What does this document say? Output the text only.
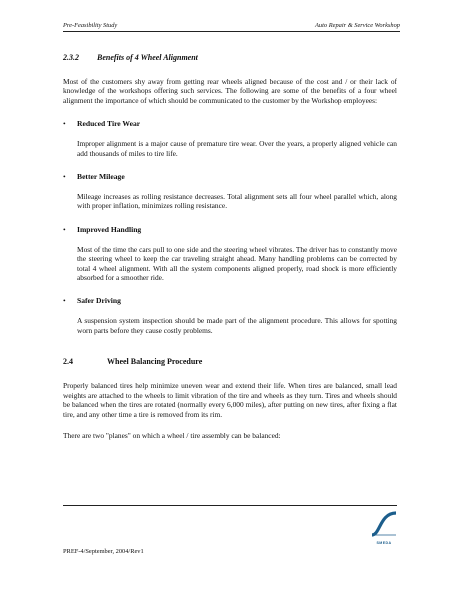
Pre-Feasibility Study	Auto Repair & Service Workshop
2.3.2	Benefits of 4 Wheel Alignment

Most of the customers shy away from getting rear wheels aligned because of the cost and / or their lack of knowledge of the workshops offering such services. The following are some of the benefits of a four wheel alignment the importance of which should be communicated to the customer by the Workshop employees:

•	Reduced Tire Wear

Improper alignment is a major cause of premature tire wear. Over the years, a properly aligned vehicle can add thousands of miles to tire life.

•	Better Mileage

Mileage increases as rolling resistance decreases. Total alignment sets all four wheel parallel which, along with proper inflation, minimizes rolling resistance.

•	Improved Handling

Most of the time the cars pull to one side and the steering wheel vibrates. The driver has to constantly move the steering wheel to keep the car traveling straight ahead. Many handling problems can be corrected by total 4 wheel alignment. With all the system components aligned properly, road shock is more efficiently absorbed for a smoother ride.

•	Safer Driving

A suspension system inspection should be made part of the alignment procedure. This allows for spotting worn parts before they cause costly problems.

2.4	Wheel Balancing Procedure

Properly balanced tires help minimize uneven wear and extend their life. When tires are balanced, small lead weights are attached to the wheels to limit vibration of the tire and wheels as they turn. Tires and wheels should be balanced when the tires are rotated (normally every 6,000 miles), after putting on new tires, after fixing a flat tire, and any other time a tire is removed from its rim.

There are two "planes" on which a wheel / tire assembly can be balanced:

SMEDA
PREF-4/September, 2004/Rev1
